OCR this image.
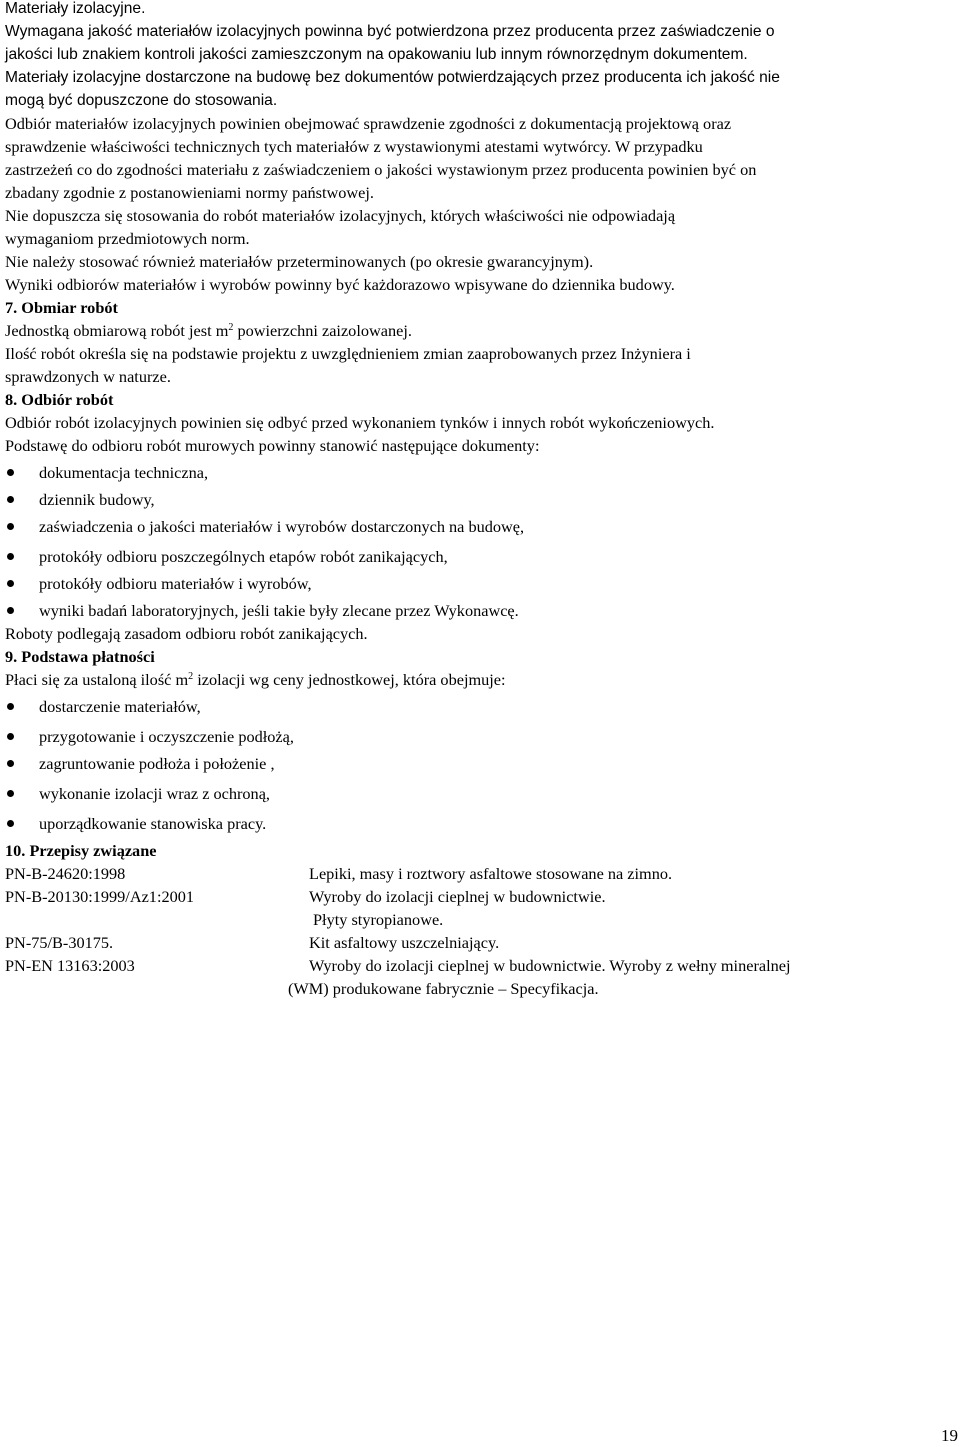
Materiały izolacyjne.

Wymagana jakość materiałów izolacyjnych powinna być potwierdzona przez producenta przez zaświadczenie o

jakości lub znakiem kontroli jakości zamieszczonym na opakowaniu lub innym równorzędnym dokumentem.

Materiały izolacyjne dostarczone na budowę bez dokumentów potwierdzających przez producenta ich jakość nie

mogą być dopuszczone do stosowania.

Odbiór materiałów izolacyjnych powinien obejmować sprawdzenie zgodności z dokumentacją projektową oraz

sprawdzenie właściwości technicznych tych materiałów z wystawionymi atestami wytwórcy. W przypadku

zastrzeżeń co do zgodności materiału z zaświadczeniem o jakości wystawionym przez producenta powinien być on

zbadany zgodnie z postanowieniami normy państwowej.

Nie dopuszcza się stosowania do robót materiałów izolacyjnych, których właściwości nie odpowiadają

wymaganiom przedmiotowych norm.

Nie należy stosować również materiałów przeterminowanych (po okresie gwarancyjnym).

Wyniki odbiorów materiałów i wyrobów powinny być każdorazowo wpisywane do dziennika budowy.

7. Obmiar robót

Jednostką obmiarową robót jest $m^2$ powierzchni zaizolowanej.

Ilość robót określa się na podstawie projektu z uwzględnieniem zmian zaaprobowanych przez Inżyniera i

sprawdzonych w naturze.

8. Odbiór robót

Odbiór robót izolacyjnych powinien się odbyć przed wykonaniem tynków i innych robót wykończeniowych.

Podstawę do odbioru robót murowych powinny stanowić następujące dokumenty:

dokumentacja techniczna,
dziennik budowy,
zaświadczenia o jakości materiałów i wyrobów dostarczonych na budowę,
protokóły odbioru poszczególnych etapów robót zanikających,
protokóły odbioru materiałów i wyrobów,
wyniki badań laboratoryjnych, jeśli takie były zlecane przez Wykonawcę.

Roboty podlegają zasadom odbioru robót zanikających.

9. Podstawa płatności

Płaci się za ustaloną ilość $m^2$ izolacji wg ceny jednostkowej, która obejmuje:

dostarczenie materiałów,
przygotowanie i oczyszczenie podłożą,
zagruntowanie podłoża i położenie ,
wykonanie izolacji wraz z ochroną,
uporządkowanie stanowiska pracy.

10. Przepisy związane

PN-B-24620:1998	Lepiki, masy i roztwory asfaltowe stosowane na zimno.
PN-B-20130:1999/Az1:2001	Wyroby do izolacji cieplnej w budownictwie.
Płyty styropianowe.
PN-75/B-30175.	Kit asfaltowy uszczelniający.
PN-EN 13163:2003	Wyroby do izolacji cieplnej w budownictwie. Wyroby z wełny mineralnej

(WM) produkowane fabrycznie – Specyfikacja.

19
